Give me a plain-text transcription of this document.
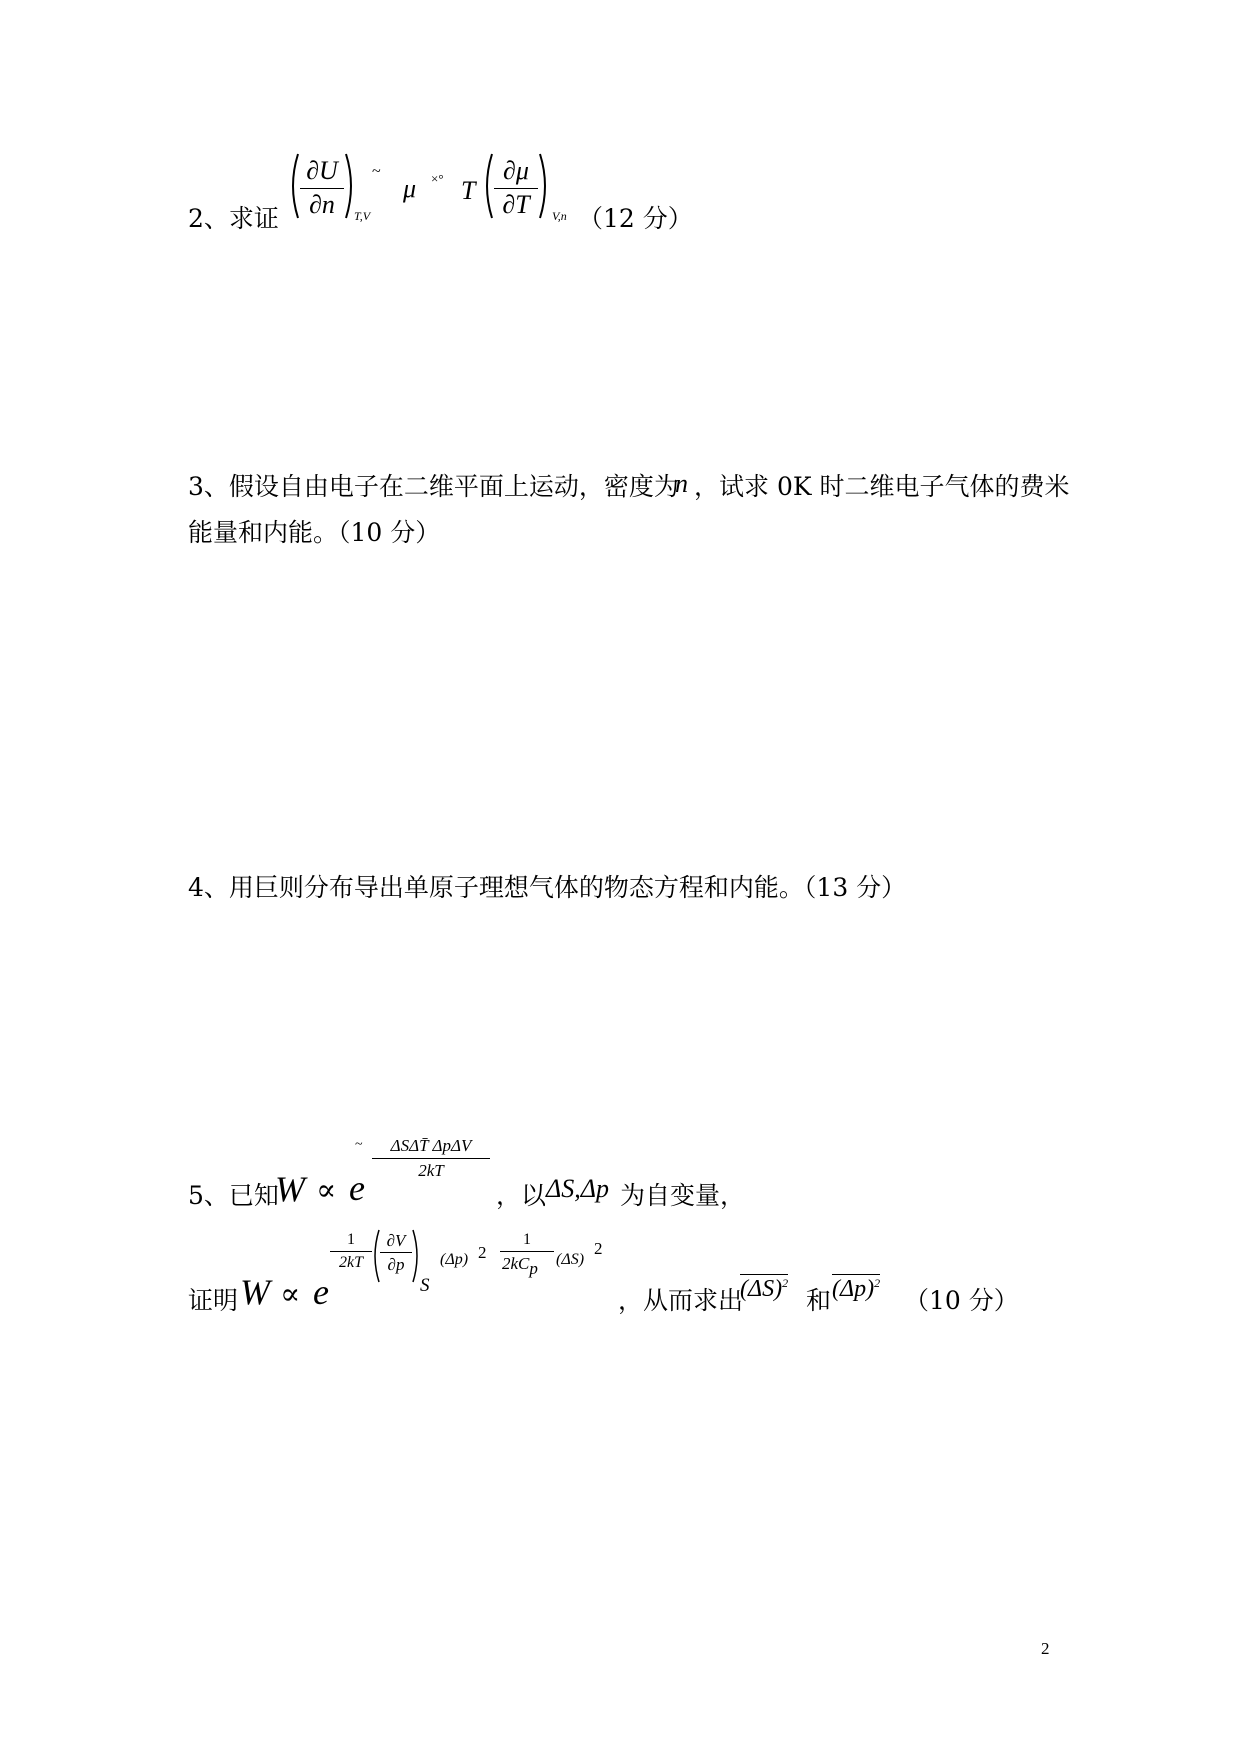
2、求证
∂U
∂n	T,V
~
μ ×° T
∂μ
∂T	V,n （12 分）
3、假设自由电子在二维平面上运动，密度为
n ，试求 0K 时二维电子气体的费米
能量和内能。（10 分）
4、用巨则分布导出单原子理想气体的物态方程和内能。（13 分）
5、已知
W ∝ e
~	ΔSΔT̄ ΔpΔV
2kT
，以 ΔS,Δp 为自变量，
证明 W ∝ e
1
2kT
∂V
∂p
S
(Δp) 2
1
2kCp	(ΔS)
2
，从而求出
$(\Delta S)^2$
和 $(\Delta p)^2$
（10 分）
2
